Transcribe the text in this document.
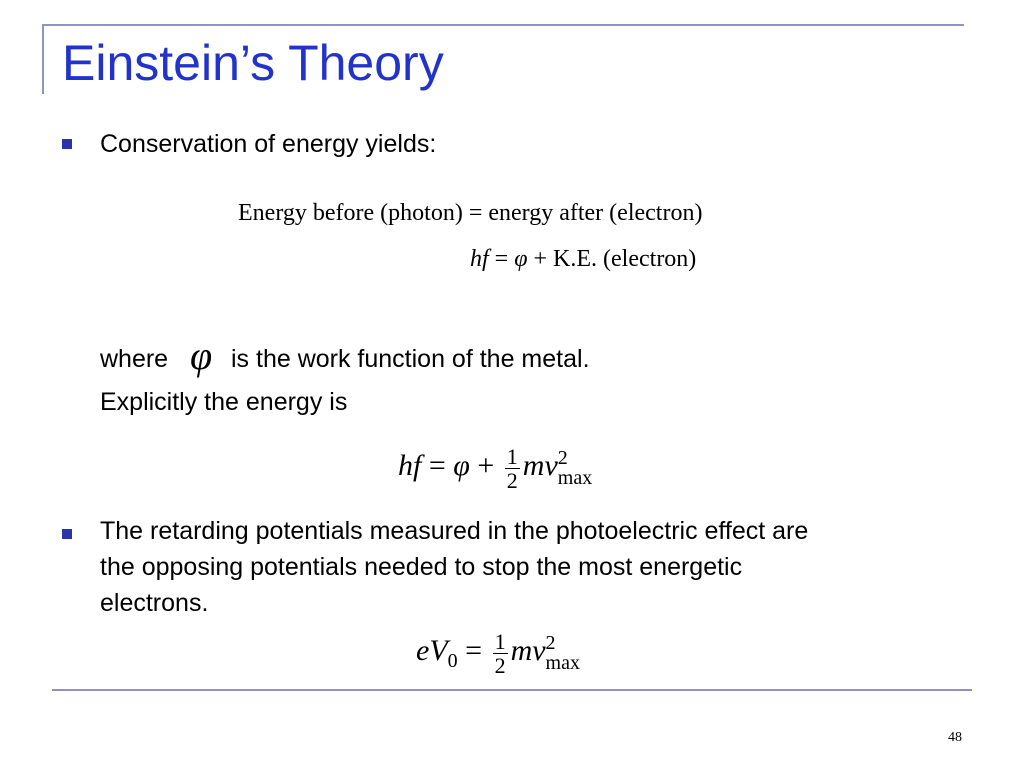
Einstein’s Theory
Conservation of energy yields:
Energy before (photon) = energy after (electron)
hf = φ + K.E. (electron)
where φ is the work function of the metal.
Explicitly the energy is
hf = $\varphi + \frac{1}{2}$ mv 2
max
The retarding potentials measured in the photoelectric effect are
the opposing potentials needed to stop the most energetic
electrons.
$eV_0 = \frac{1}{2}$ mv 2
max
48
